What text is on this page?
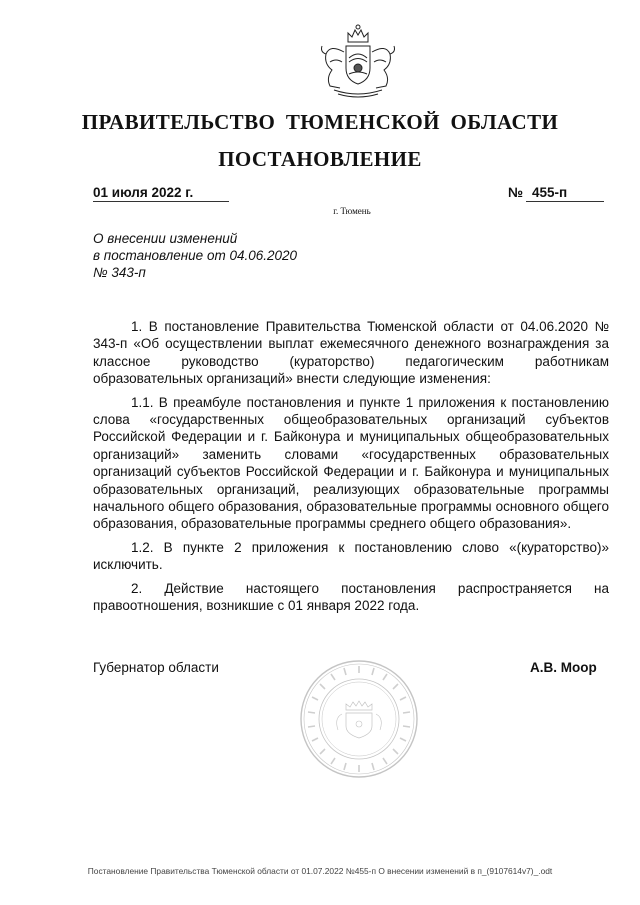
ПРАВИТЕЛЬСТВО ТЮМЕНСКОЙ ОБЛАСТИ
ПОСТАНОВЛЕНИЕ
01 июля 2022 г.	№ 455-п
г. Тюмень
О внесении изменений
в постановление от 04.06.2020
№ 343-п

1. В постановление Правительства Тюменской области от 04.06.2020 № 343-п «Об осуществлении выплат ежемесячного денежного вознаграждения за классное руководство (кураторство) педагогическим работникам образовательных организаций» внести следующие изменения:

1.1. В преамбуле постановления и пункте 1 приложения к постановлению слова «государственных общеобразовательных организаций субъектов Российской Федерации и г. Байконура и муниципальных общеобразовательных организаций» заменить словами «государственных образовательных организаций субъектов Российской Федерации и г. Байконура и муниципальных образовательных организаций, реализующих образовательные программы начального общего образования, образовательные программы основного общего образования, образовательные программы среднего общего образования».

1.2. В пункте 2 приложения к постановлению слово «(кураторство)» исключить.

2. Действие настоящего постановления распространяется на правоотношения, возникшие с 01 января 2022 года.

Губернатор области	А.В. Моор
Постановление Правительства Тюменской области от 01.07.2022 №455-п О внесении изменений в п_(9107614v7)_.odt
